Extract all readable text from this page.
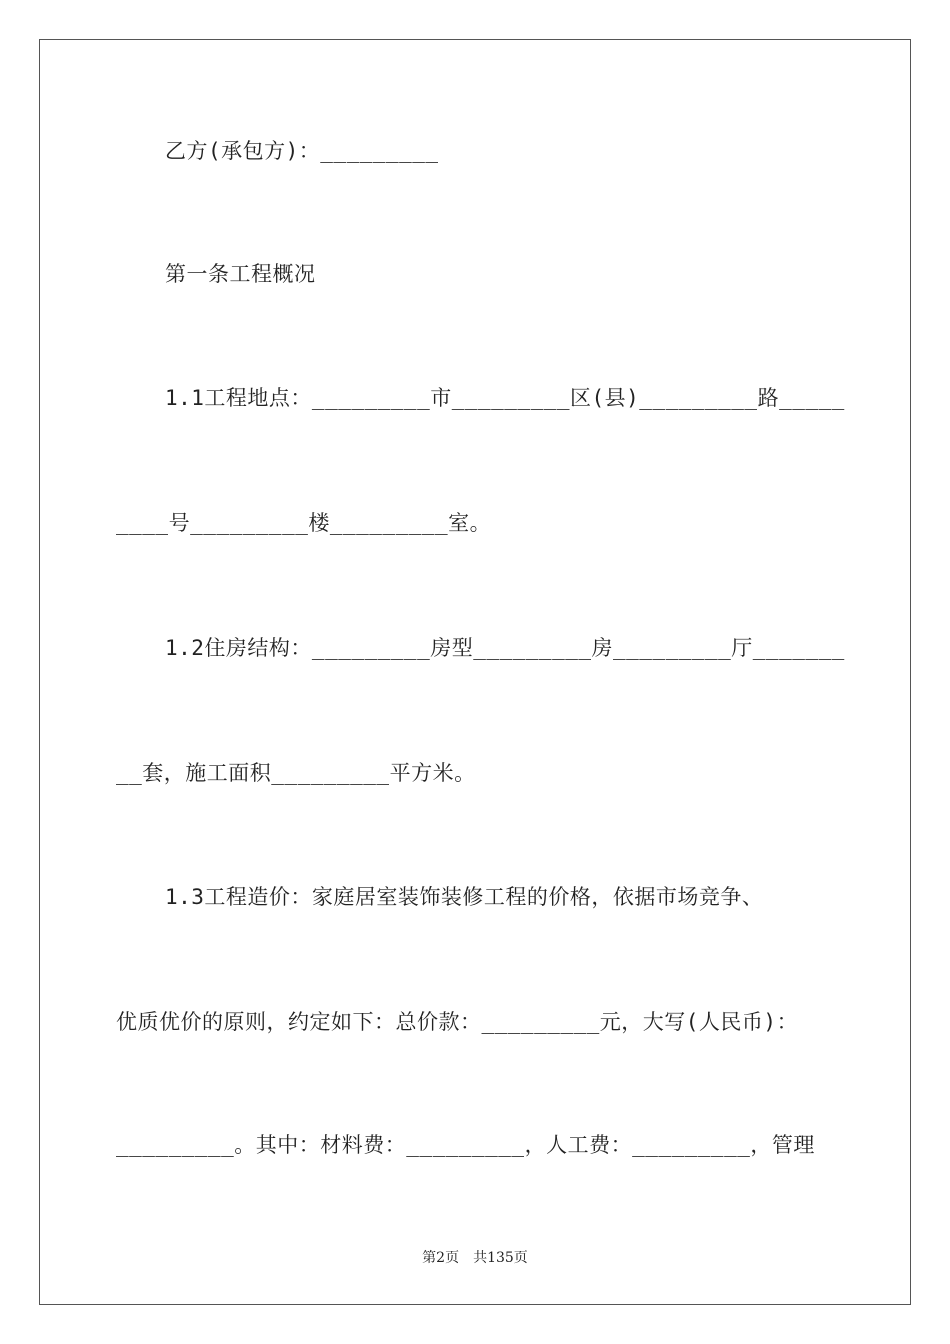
乙方(承包方)：_________
第一条工程概况
1.1工程地点：_________市_________区(县)_________路_____
____号_________楼_________室。
1.2住房结构：_________房型_________房_________厅_______
__套，施工面积_________平方米。
1.3工程造价：家庭居室装饰装修工程的价格，依据市场竞争、
优质优价的原则，约定如下：总价款：_________元，大写(人民币)：
_________。其中：材料费：_________，人工费：_________，管理
第2页　共135页
